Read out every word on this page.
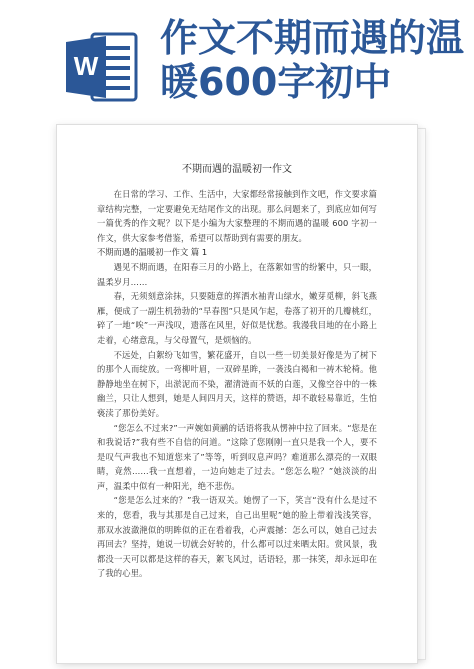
W
作文不期而遇的温
暖600字初中
不期而遇的温暖初一作文

在日常的学习、工作、生活中，大家都经常接触到作文吧，作文要求篇章结构完整，一定要避免无结尾作文的出现。那么问题来了，到底应如何写一篇优秀的作文呢？以下是小编为大家整理的不期而遇的温暖 600 字初一作文，供大家参考借鉴，希望可以帮助到有需要的朋友。

不期而遇的温暖初一作文 篇 1

遇见不期而遇，在阳春三月的小路上，在落絮如雪的纷繁中，只一眼，温柔岁月……

春，无须刻意涂抹，只要随意的挥洒水袖青山绿水，嫩芽觅柳，斜飞燕雁，便成了一副生机勃勃的“早春图”只是风乍起，卷落了初开的几瓣桃红，碎了一地“唉”一声浅叹，遗落在风里，好似是忧愁。我漫我目地的在小路上走着，心绪意乱，与父母置气，是烦恼的。

不远处，白絮纷飞如雪，繁花盛开，自以一些一切美景好像是为了树下的那个人而绽放。一弯柳叶眉，一双碎星眸，一袭浅白褐和一祷木轮椅。他静静地坐在树下，出淤泥而不染，濯清涟而不妖的白莲，又像空谷中的一株幽兰，只让人想到，她是人间四月天，这样的赞语，却不敢轻易靠近，生怕亵渎了那份美好。

“您怎么不过来?”一声婉如黄鹂的话语将我从愣神中拉了回来。“您是在和我说话?”我有些不自信的问道。“这除了您刚刚一直只是我一个人，要不是叹气声我也不知道您来了”等等，听到叹息声吗？难道那么漂亮的一双眼睛，竟然……我一直想着，一边向她走了过去。“您怎么啦？”她淡淡的出声，温柔中似有一种阳光，绝不悲伤。

“您是怎么过来的？”我一语双关。她愣了一下，笑言“没有什么是过不来的，您看，我与其那是自己过来，自己出里呢”她的脸上带着浅浅笑容，那双水波潋滟似的明眸似的正在看着我，心声震撼：怎么可以，她自己过去再回去？坚持，她说一切就会好转的，什么都可以过来晒太阳。赏风景，我都没一天可以都是这样的春天，絮飞风过，话语轻，那一抹笑，却永远印在了我的心里。
